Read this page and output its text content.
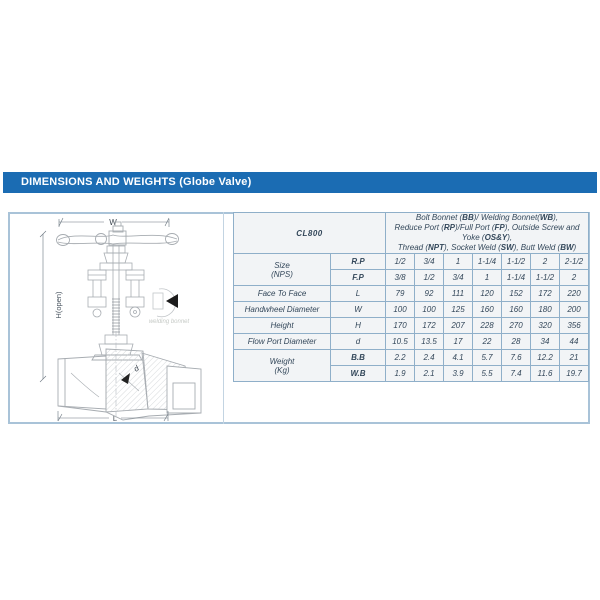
DIMENSIONS AND WEIGHTS (Globe Valve)
W
H(open)
d
L
welding bonnet
CL800		Bolt Bonnet (BB)/ Welding Bonnet(WB),
Reduce Port (RP)/Full Port (FP), Outside Screw and Yoke (OS&Y),
Thread (NPT), Socket Weld (SW), Butt Weld (BW)						

Size
(NPS)	R.P	1/2	3/4	1	1-1/4	1-1/2	2	2-1/2
	F.P	3/8	1/2	3/4	1	1-1/4	1-1/2	2

Face To Face	L	79	92	111	120	152	172	220

Handwheel Diameter	W	100	100	125	160	160	180	200

Height	H	170	172	207	228	270	320	356

Flow Port Diameter	d	10.5	13.5	17	22	28	34	44

Weight
(Kg)	B.B	2.2	2.4	4.1	5.7	7.6	12.2	21
	W.B	1.9	2.1	3.9	5.5	7.4	11.6	19.7
